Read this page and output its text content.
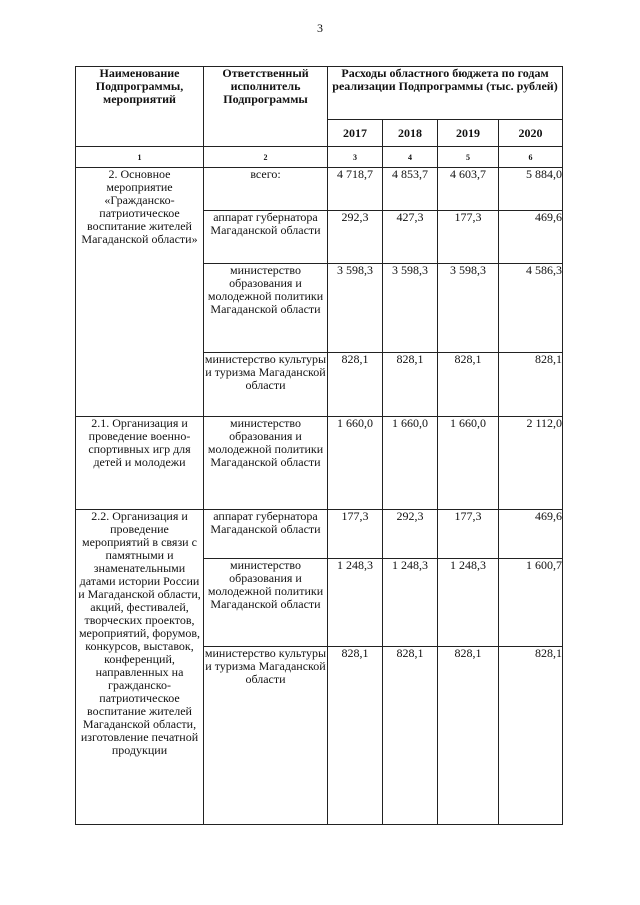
3
Наименование Подпрограммы, мероприятий	Ответственный исполнитель Подпрограммы	Расходы областного бюджета по годам реализации Подпрограммы (тыс. рублей)			
		2017	2018	2019	2020
1	2	3	4	5	6
2. Основное мероприятие «Гражданско-патриотическое воспитание жителей Магаданской области»	всего:	4 718,7	4 853,7	4 603,7	5 884,0
	аппарат губернатора Магаданской области	292,3	427,3	177,3	469,6
	министерство образования и молодежной политики Магаданской области	3 598,3	3 598,3	3 598,3	4 586,3
	министерство культуры и туризма Магаданской области	828,1	828,1	828,1	828,1
2.1. Организация и проведение военно-спортивных игр для детей и молодежи	министерство образования и молодежной политики Магаданской области	1 660,0	1 660,0	1 660,0	2 112,0
2.2. Организация и проведение мероприятий в связи с памятными и знаменательными датами истории России и Магаданской области, акций, фестивалей, творческих проектов, мероприятий, форумов, конкурсов, выставок, конференций, направленных на гражданско-патриотическое воспитание жителей Магаданской области, изготовление печатной продукции	аппарат губернатора Магаданской области	177,3	292,3	177,3	469,6
	министерство образования и молодежной политики Магаданской области	1 248,3	1 248,3	1 248,3	1 600,7
	министерство культуры и туризма Магаданской области	828,1	828,1	828,1	828,1
